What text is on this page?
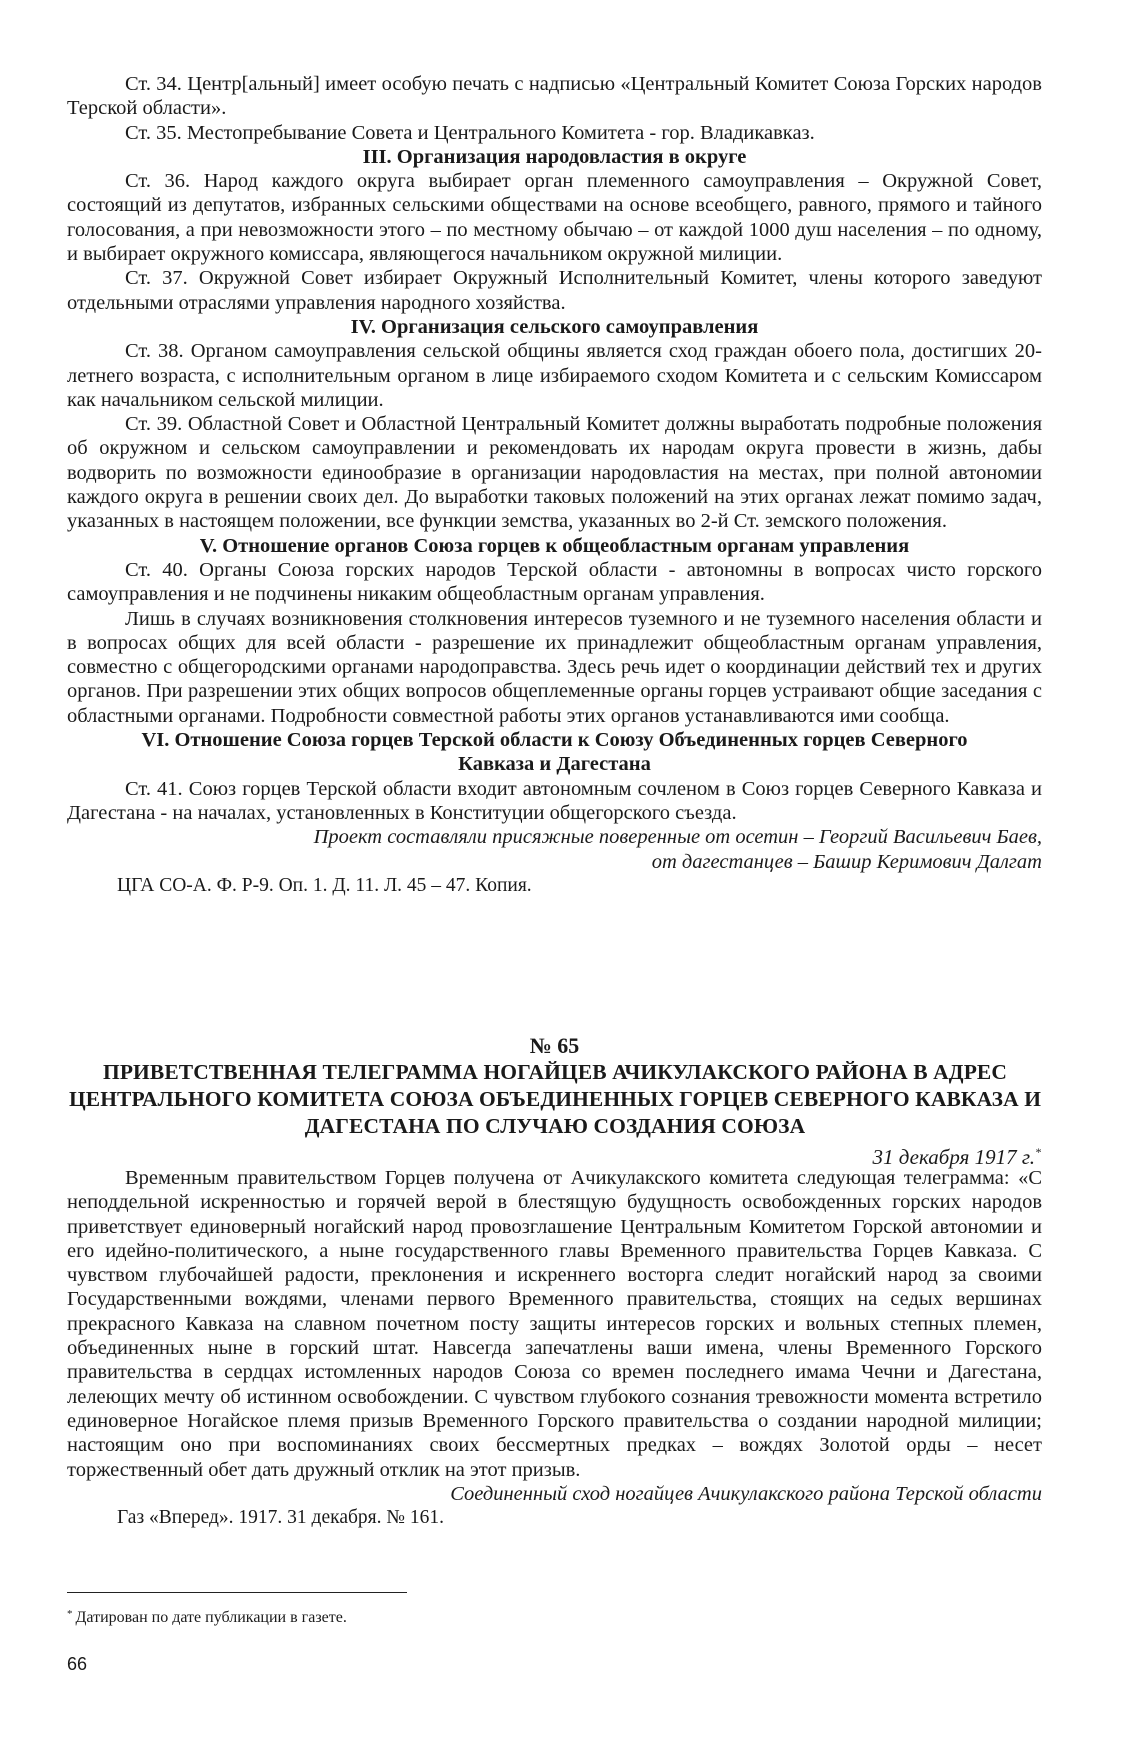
Ст. 34. Центр[альный] имеет особую печать с надписью «Центральный Комитет Союза Горских народов Терской области».

Ст. 35. Местопребывание Совета и Центрального Комитета - гор. Владикавказ.

III. Организация народовластия в округе

Ст. 36. Народ каждого округа выбирает орган племенного самоуправления – Окружной Совет, состоящий из депутатов, избранных сельскими обществами на основе всеобщего, равного, прямого и тайного голосования, а при невозможности этого – по местному обычаю – от каждой 1000 душ населения – по одному, и выбирает окружного комиссара, являющегося начальником окружной милиции.

Ст. 37. Окружной Совет избирает Окружный Исполнительный Комитет, члены которого заведуют отдельными отраслями управления народного хозяйства.

IV. Организация сельского самоуправления

Ст. 38. Органом самоуправления сельской общины является сход граждан обоего пола, достигших 20-летнего возраста, с исполнительным органом в лице избираемого сходом Комитета и с сельским Комиссаром как начальником сельской милиции.

Ст. 39. Областной Совет и Областной Центральный Комитет должны выработать подробные положения об окружном и сельском самоуправлении и рекомендовать их народам округа провести в жизнь, дабы водворить по возможности единообразие в организации народовластия на местах, при полной автономии каждого округа в решении своих дел. До выработки таковых положений на этих органах лежат помимо задач, указанных в настоящем положении, все функции земства, указанных во 2-й Ст. земского положения.

V. Отношение органов Союза горцев к общеобластным органам управления

Ст. 40. Органы Союза горских народов Терской области - автономны в вопросах чисто горского самоуправления и не подчинены никаким общеобластным органам управления.

Лишь в случаях возникновения столкновения интересов туземного и не туземного населения области и в вопросах общих для всей области - разрешение их принадлежит общеобластным органам управления, совместно с общегородскими органами народоправства. Здесь речь идет о координации действий тех и других органов. При разрешении этих общих вопросов общеплеменные органы горцев устраивают общие заседания с областными органами. Подробности совместной работы этих органов устанавливаются ими сообща.

VI. Отношение Союза горцев Терской области к Союзу Объединенных горцев Северного Кавказа и Дагестана

Ст. 41. Союз горцев Терской области входит автономным сочленом в Союз горцев Северного Кавказа и Дагестана - на началах, установленных в Конституции общегорского съезда.

Проект составляли присяжные поверенные от осетин – Георгий Васильевич Баев,

от дагестанцев – Башир Керимович Далгат

ЦГА СО-А. Ф. Р-9. Оп. 1. Д. 11. Л. 45 – 47. Копия.

№ 65
ПРИВЕТСТВЕННАЯ ТЕЛЕГРАММА НОГАЙЦЕВ АЧИКУЛАКСКОГО РАЙОНА В АДРЕС ЦЕНТРАЛЬНОГО КОМИТЕТА СОЮЗА ОБЪЕДИНЕННЫХ ГОРЦЕВ СЕВЕРНОГО КАВКАЗА И ДАГЕСТАНА ПО СЛУЧАЮ СОЗДАНИЯ СОЮЗА
31 декабря 1917 г.*

Временным правительством Горцев получена от Ачикулакского комитета следующая телеграмма: «С неподдельной искренностью и горячей верой в блестящую будущность освобожденных горских народов приветствует единоверный ногайский народ провозглашение Центральным Комитетом Горской автономии и его идейно-политического, а ныне государственного главы Временного правительства Горцев Кавказа. С чувством глубочайшей радости, преклонения и искреннего восторга следит ногайский народ за своими Государственными вождями, членами первого Временного правительства, стоящих на седых вершинах прекрасного Кавказа на славном почетном посту защиты интересов горских и вольных степных племен, объединенных ныне в горский штат. Навсегда запечатлены ваши имена, члены Временного Горского правительства в сердцах истомленных народов Союза со времен последнего имама Чечни и Дагестана, лелеющих мечту об истинном освобождении. С чувством глубокого сознания тревожности момента встретило единоверное Ногайское племя призыв Временного Горского правительства о создании народной милиции; настоящим оно при воспоминаниях своих бессмертных предках – вождях Золотой орды – несет торжественный обет дать дружный отклик на этот призыв.

Соединенный сход ногайцев Ачикулакского района Терской области

Газ «Вперед». 1917. 31 декабря. № 161.

* Датирован по дате публикации в газете.
66
